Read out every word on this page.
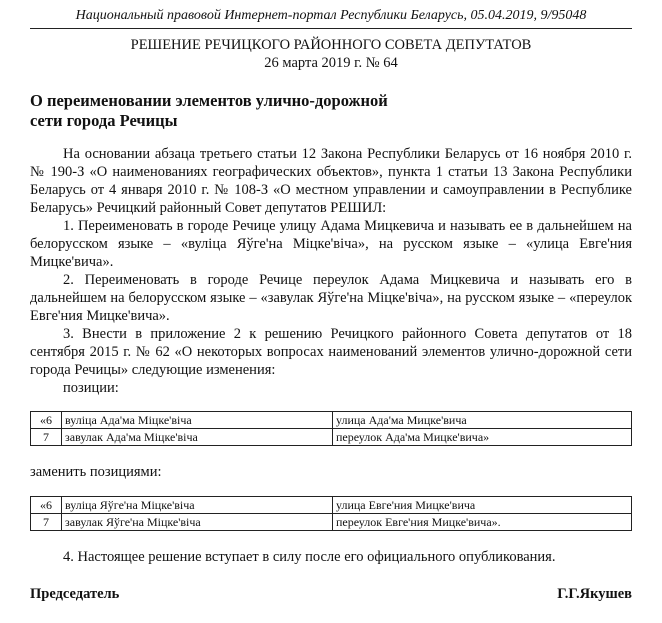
Национальный правовой Интернет-портал Республики Беларусь, 05.04.2019, 9/95048
РЕШЕНИЕ РЕЧИЦКОГО РАЙОННОГО СОВЕТА ДЕПУТАТОВ
26 марта 2019 г. № 64
О переименовании элементов улично-дорожной
сети города Речицы

На основании абзаца третьего статьи 12 Закона Республики Беларусь от 16 ноября 2010 г. № 190-З «О наименованиях географических объектов», пункта 1 статьи 13 Закона Республики Беларусь от 4 января 2010 г. № 108-З «О местном управлении и самоуправлении в Республике Беларусь» Речицкий районный Совет депутатов РЕШИЛ:

1. Переименовать в городе Речице улицу Адама Мицкевича и называть ее в дальнейшем на белорусском языке – «вуліца Яўге'на Міцке'віча», на русском языке – «улица Евге'ния Мицке'вича».

2. Переименовать в городе Речице переулок Адама Мицкевича и называть его в дальнейшем на белорусском языке – «завулак Яўге'на Міцке'віча», на русском языке – «переулок Евге'ния Мицке'вича».

3. Внести в приложение 2 к решению Речицкого районного Совета депутатов от 18 сентября 2015 г. № 62 «О некоторых вопросах наименований элементов улично-дорожной сети города Речицы» следующие изменения:

позиции:

«6	вуліца Ада'ма Міцке'віча	улица Ада'ма Мицке'вича
7	завулак Ада'ма Міцке'віча	переулок Ада'ма Мицке'вича»
заменить позициями:
«6	вуліца Яўге'на Міцке'віча	улица Евге'ния Мицке'вича
7	завулак Яўге'на Міцке'віча	переулок Евге'ния Мицке'вича».
4. Настоящее решение вступает в силу после его официального опубликования.
Председатель	Г.Г.Якушев
